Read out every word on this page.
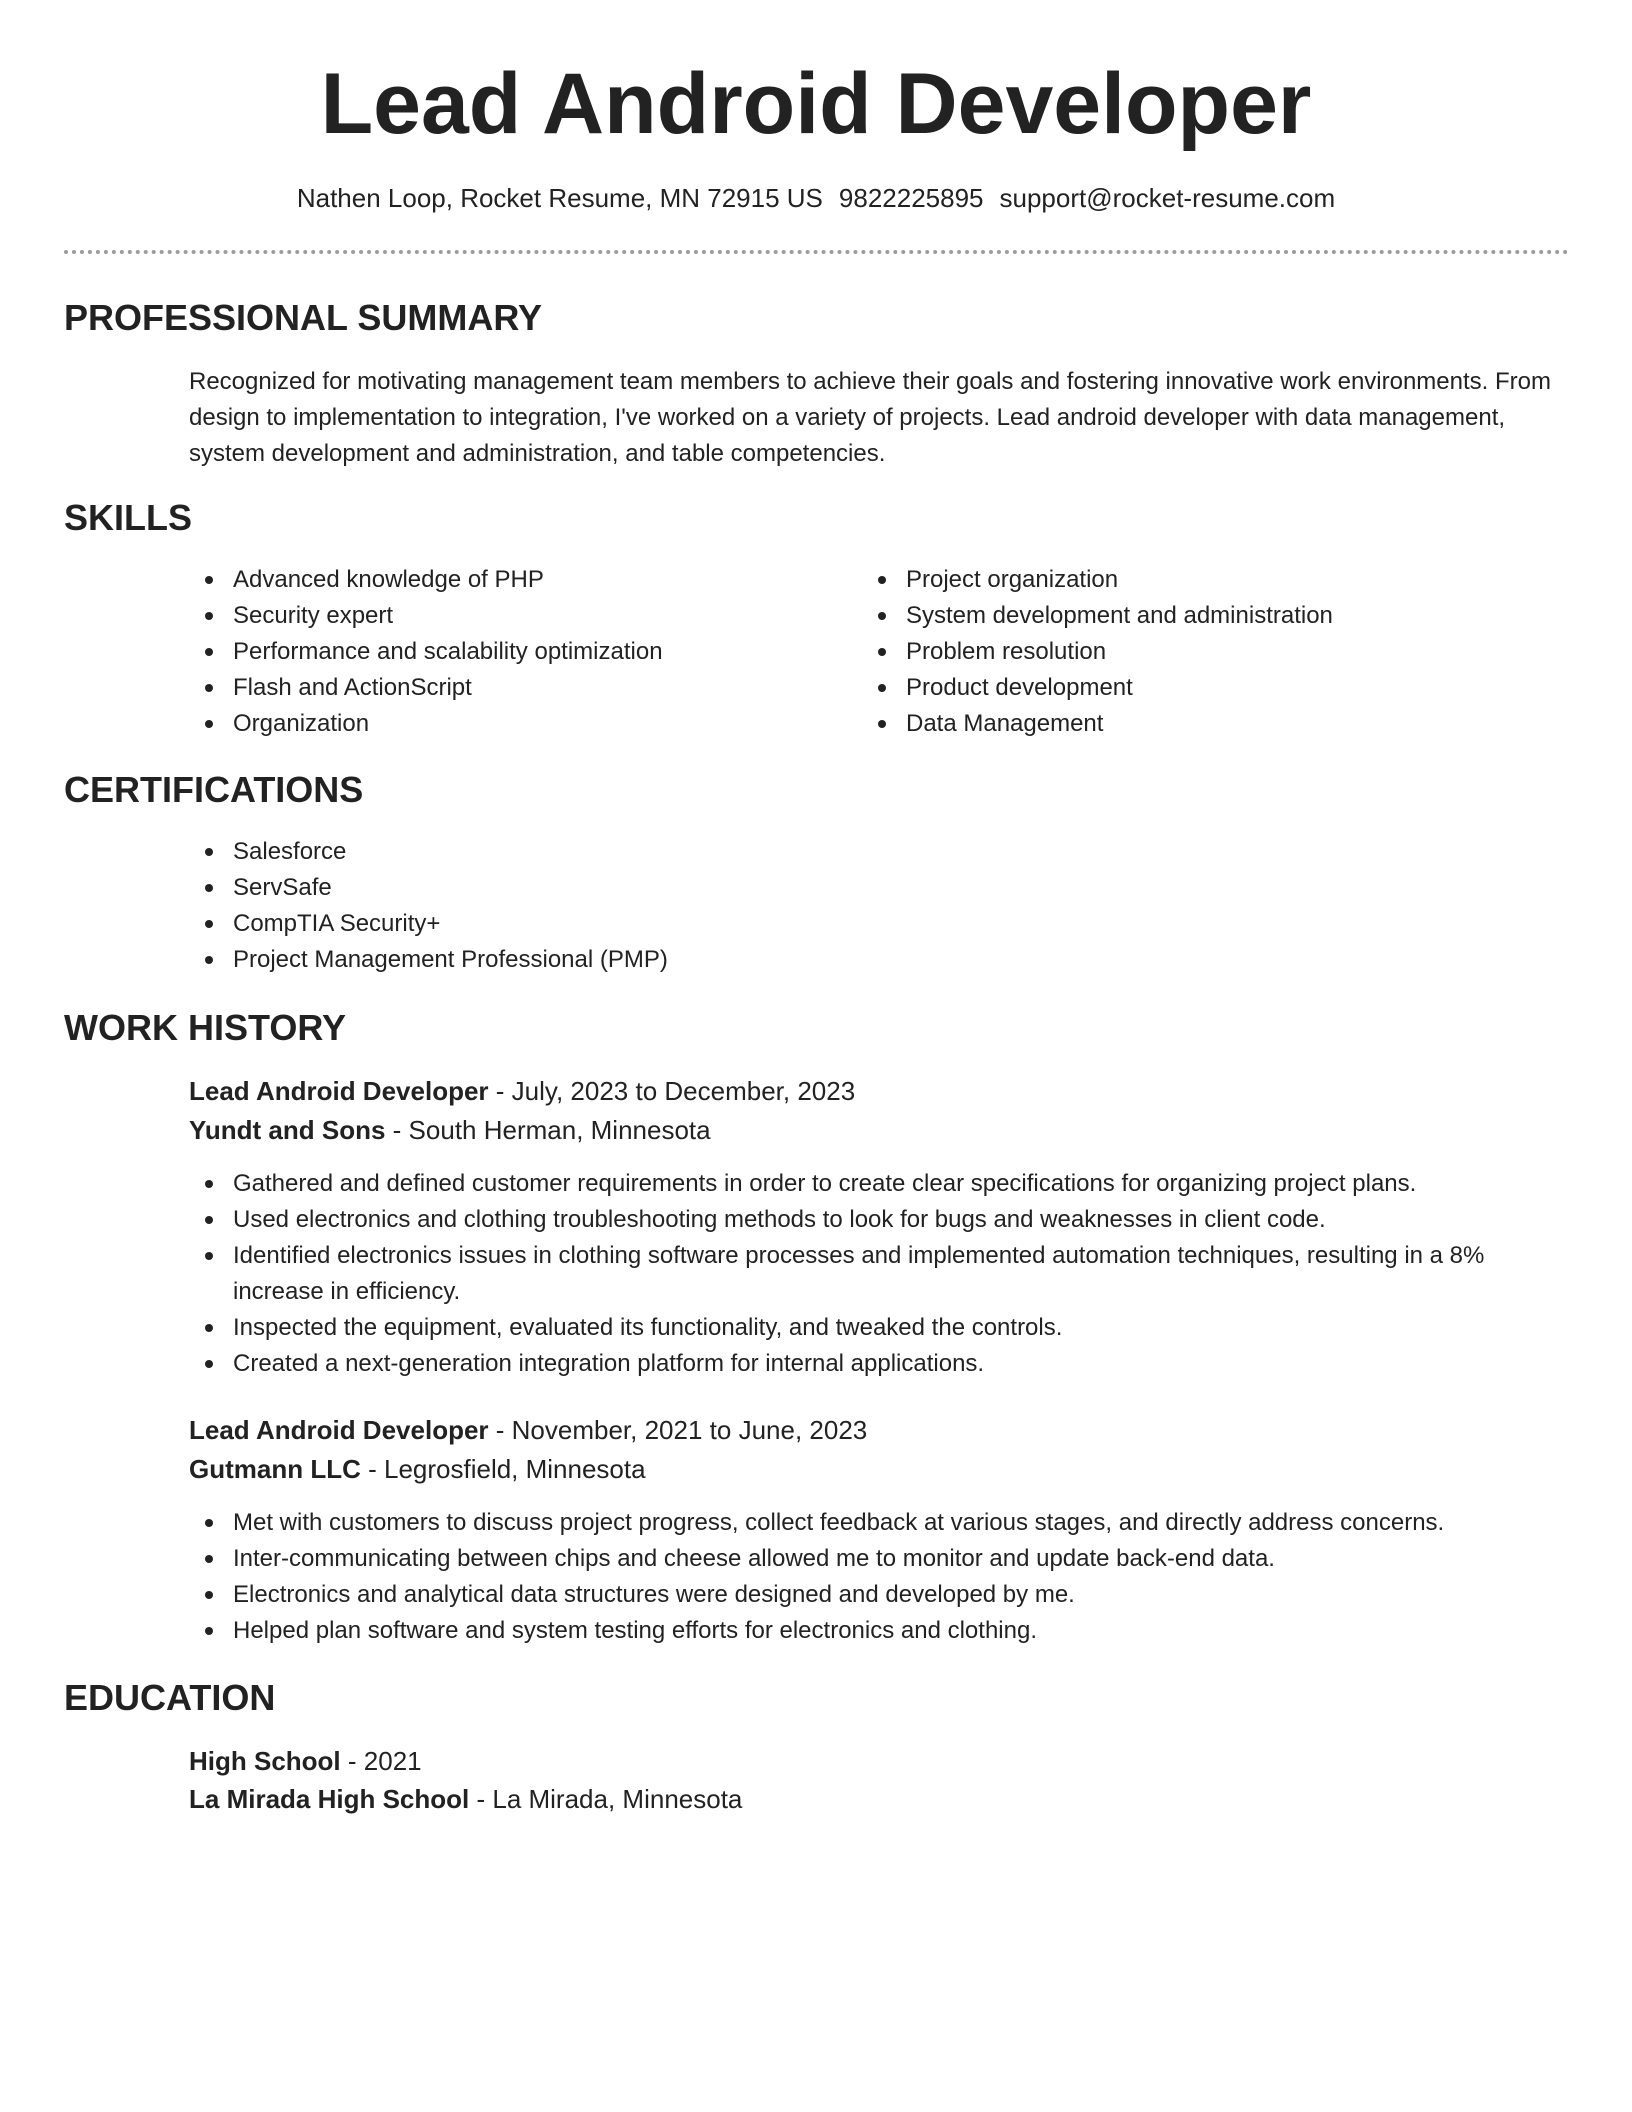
Lead Android Developer
Nathen Loop, Rocket Resume, MN 72915 US 9822225895 support@rocket-resume.com
PROFESSIONAL SUMMARY

Recognized for motivating management team members to achieve their goals and fostering innovative work environments. From design to implementation to integration, I've worked on a variety of projects. Lead android developer with data management, system development and administration, and table competencies.

SKILLS
Advanced knowledge of PHP
Security expert
Performance and scalability optimization
Flash and ActionScript
Organization
Project organization
System development and administration
Problem resolution
Product development
Data Management
CERTIFICATIONS
Salesforce
ServSafe
CompTIA Security+
Project Management Professional (PMP)
WORK HISTORY
Lead Android Developer - July, 2023 to December, 2023
Yundt and Sons - South Herman, Minnesota
Gathered and defined customer requirements in order to create clear specifications for organizing project plans.
Used electronics and clothing troubleshooting methods to look for bugs and weaknesses in client code.
Identified electronics issues in clothing software processes and implemented automation techniques, resulting in a 8% increase in efficiency.
Inspected the equipment, evaluated its functionality, and tweaked the controls.
Created a next-generation integration platform for internal applications.
Lead Android Developer - November, 2021 to June, 2023
Gutmann LLC - Legrosfield, Minnesota
Met with customers to discuss project progress, collect feedback at various stages, and directly address concerns.
Inter-communicating between chips and cheese allowed me to monitor and update back-end data.
Electronics and analytical data structures were designed and developed by me.
Helped plan software and system testing efforts for electronics and clothing.
EDUCATION
High School - 2021
La Mirada High School - La Mirada, Minnesota
